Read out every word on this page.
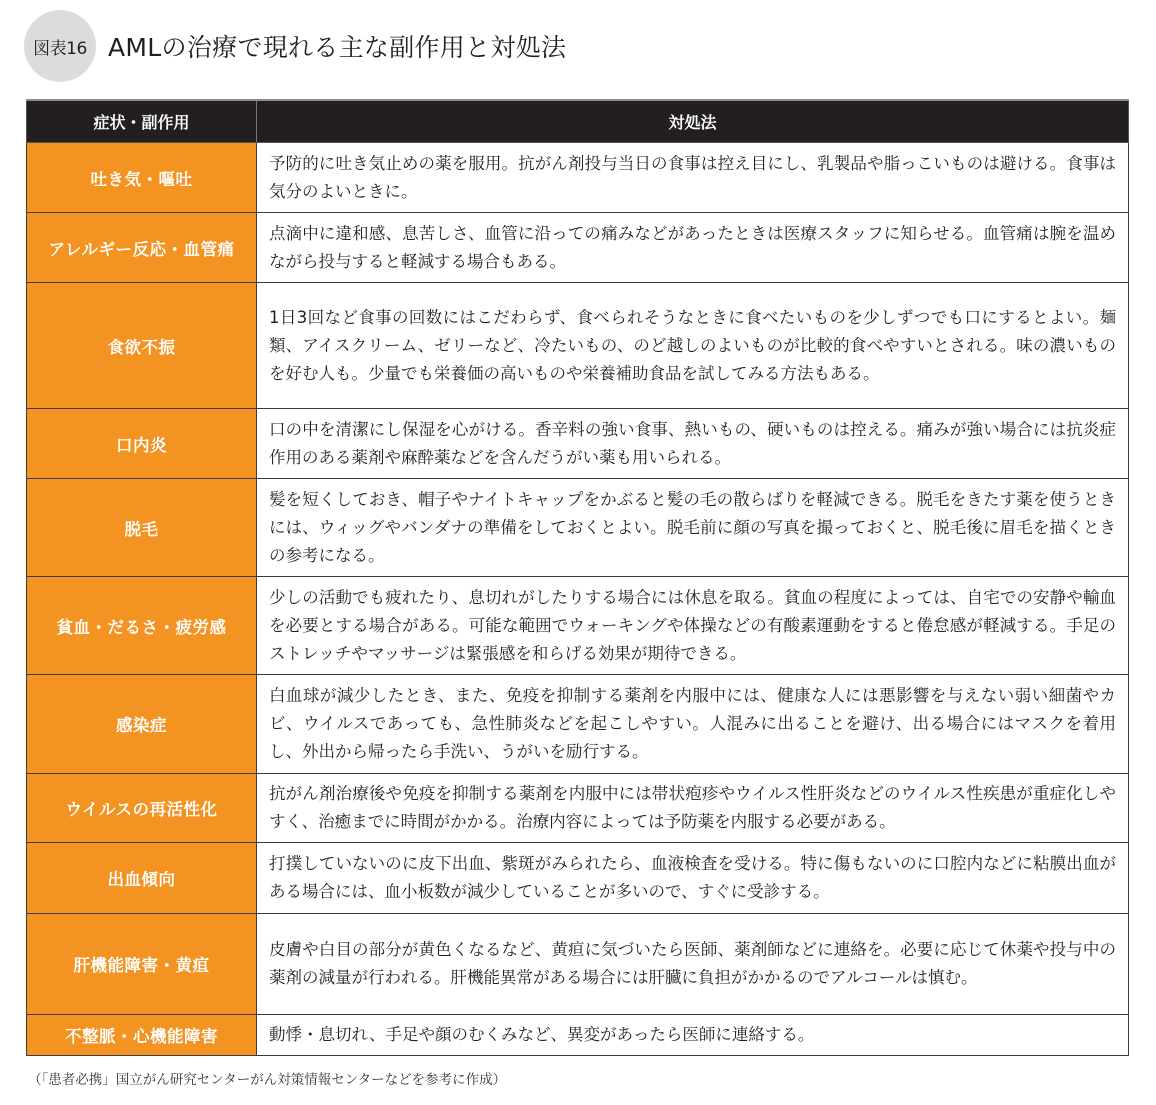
図表16 AMLの治療で現れる主な副作用と対処法
症状・副作用	対処法
吐き気・嘔吐	予防的に吐き気止めの薬を服用。抗がん剤投与当日の食事は控え目にし、乳製品や脂っこいものは避ける。食事は気分のよいときに。
アレルギー反応・血管痛	点滴中に違和感、息苦しさ、血管に沿っての痛みなどがあったときは医療スタッフに知らせる。血管痛は腕を温めながら投与すると軽減する場合もある。
食欲不振	1日3回など食事の回数にはこだわらず、食べられそうなときに食べたいものを少しずつでも口にするとよい。麺類、アイスクリーム、ゼリーなど、冷たいもの、のど越しのよいものが比較的食べやすいとされる。味の濃いものを好む人も。少量でも栄養価の高いものや栄養補助食品を試してみる方法もある。
口内炎	口の中を清潔にし保湿を心がける。香辛料の強い食事、熱いもの、硬いものは控える。痛みが強い場合には抗炎症作用のある薬剤や麻酔薬などを含んだうがい薬も用いられる。
脱毛	髪を短くしておき、帽子やナイトキャップをかぶると髪の毛の散らばりを軽減できる。脱毛をきたす薬を使うときには、ウィッグやバンダナの準備をしておくとよい。脱毛前に顔の写真を撮っておくと、脱毛後に眉毛を描くときの参考になる。
貧血・だるさ・疲労感	少しの活動でも疲れたり、息切れがしたりする場合には休息を取る。貧血の程度によっては、自宅での安静や輸血を必要とする場合がある。可能な範囲でウォーキングや体操などの有酸素運動をすると倦怠感が軽減する。手足のストレッチやマッサージは緊張感を和らげる効果が期待できる。
感染症	白血球が減少したとき、また、免疫を抑制する薬剤を内服中には、健康な人には悪影響を与えない弱い細菌やカビ、ウイルスであっても、急性肺炎などを起こしやすい。人混みに出ることを避け、出る場合にはマスクを着用し、外出から帰ったら手洗い、うがいを励行する。
ウイルスの再活性化	抗がん剤治療後や免疫を抑制する薬剤を内服中には帯状疱疹やウイルス性肝炎などのウイルス性疾患が重症化しやすく、治癒までに時間がかかる。治療内容によっては予防薬を内服する必要がある。
出血傾向	打撲していないのに皮下出血、紫斑がみられたら、血液検査を受ける。特に傷もないのに口腔内などに粘膜出血がある場合には、血小板数が減少していることが多いので、すぐに受診する。
肝機能障害・黄疸	皮膚や白目の部分が黄色くなるなど、黄疸に気づいたら医師、薬剤師などに連絡を。必要に応じて休薬や投与中の薬剤の減量が行われる。肝機能異常がある場合には肝臓に負担がかかるのでアルコールは慎む。
不整脈・心機能障害	動悸・息切れ、手足や顔のむくみなど、異変があったら医師に連絡する。
（「患者必携」国立がん研究センターがん対策情報センターなどを参考に作成）
